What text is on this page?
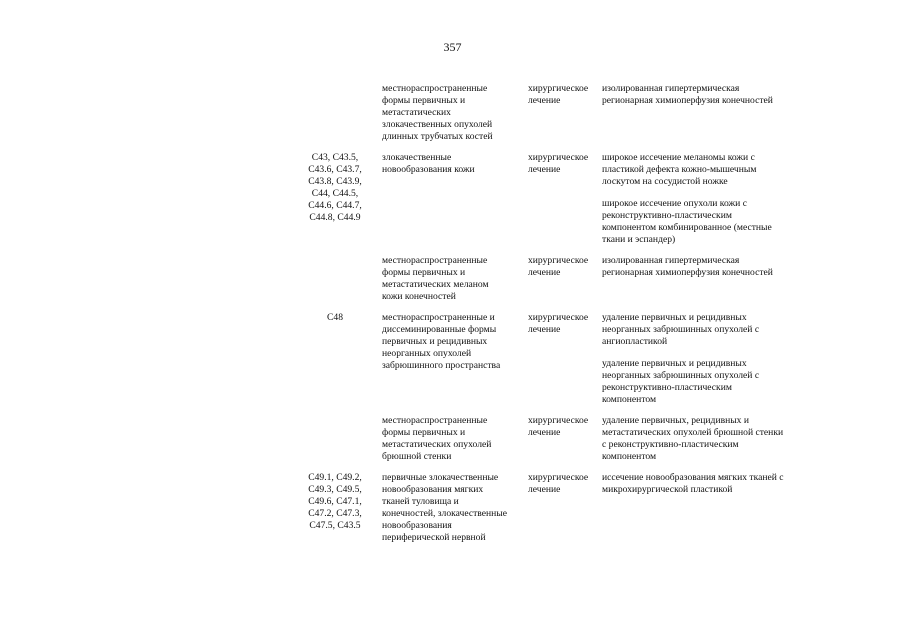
357
местнораспространенные
формы первичных и
метастатических
злокачественных опухолей
длинных трубчатых костей
хирургическое
лечение
изолированная гипертермическая
регионарная химиоперфузия конечностей
С43, С43.5,
С43.6, С43.7,
С43.8, С43.9,
С44, С44.5,
С44.6, С44.7,
С44.8, С44.9
злокачественные
новообразования кожи
хирургическое
лечение
широкое иссечение меланомы кожи с
пластикой дефекта кожно-мышечным
лоскутом на сосудистой ножке
широкое иссечение опухоли кожи с
реконструктивно-пластическим
компонентом комбинированное (местные
ткани и эспандер)
местнораспространенные
формы первичных и
метастатических меланом
кожи конечностей
хирургическое
лечение
изолированная гипертермическая
регионарная химиоперфузия конечностей
С48	местнораспространенные и
диссеминированные формы
первичных и рецидивных
неорганных опухолей
забрюшинного пространства
хирургическое
лечение
удаление первичных и рецидивных
неорганных забрюшинных опухолей с
ангиопластикой
удаление первичных и рецидивных
неорганных забрюшинных опухолей с
реконструктивно-пластическим
компонентом
местнораспространенные
формы первичных и
метастатических опухолей
брюшной стенки
хирургическое
лечение
удаление первичных, рецидивных и
метастатических опухолей брюшной стенки
с реконструктивно-пластическим
компонентом
С49.1, С49.2,
С49.3, С49.5,
С49.6, С47.1,
С47.2, С47.3,
С47.5, С43.5
первичные злокачественные
новообразования мягких
тканей туловища и
конечностей, злокачественные
новообразования
периферической нервной
хирургическое
лечение
иссечение новообразования мягких тканей с
микрохирургической пластикой
